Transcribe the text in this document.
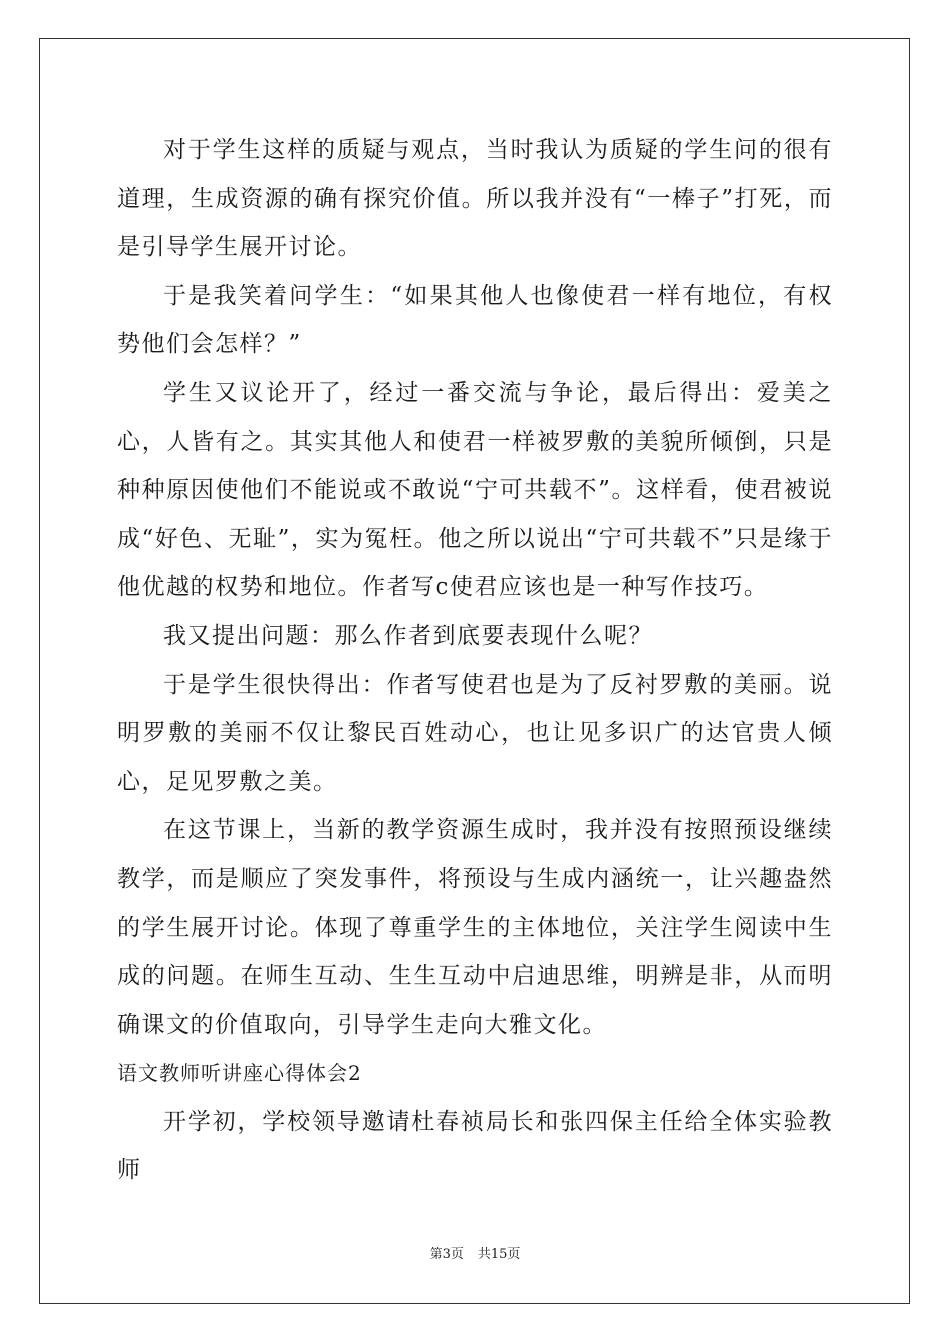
对于学生这样的质疑与观点，当时我认为质疑的学生问的很有道理，生成资源的确有探究价值。所以我并没有“一棒子”打死，而是引导学生展开讨论。

于是我笑着问学生：“如果其他人也像使君一样有地位，有权势他们会怎样？”

学生又议论开了，经过一番交流与争论，最后得出：爱美之心，人皆有之。其实其他人和使君一样被罗敷的美貌所倾倒，只是种种原因使他们不能说或不敢说“宁可共载不”。这样看，使君被说成“好色、无耻”，实为冤枉。他之所以说出“宁可共载不”只是缘于他优越的权势和地位。作者写c使君应该也是一种写作技巧。

我又提出问题：那么作者到底要表现什么呢？

于是学生很快得出：作者写使君也是为了反衬罗敷的美丽。说明罗敷的美丽不仅让黎民百姓动心，也让见多识广的达官贵人倾心，足见罗敷之美。

在这节课上，当新的教学资源生成时，我并没有按照预设继续教学，而是顺应了突发事件，将预设与生成内涵统一，让兴趣盎然的学生展开讨论。体现了尊重学生的主体地位，关注学生阅读中生成的问题。在师生互动、生生互动中启迪思维，明辨是非，从而明确课文的价值取向，引导学生走向大雅文化。

语文教师听讲座心得体会2

开学初，学校领导邀请杜春祯局长和张四保主任给全体实验教师

第3页 共15页
